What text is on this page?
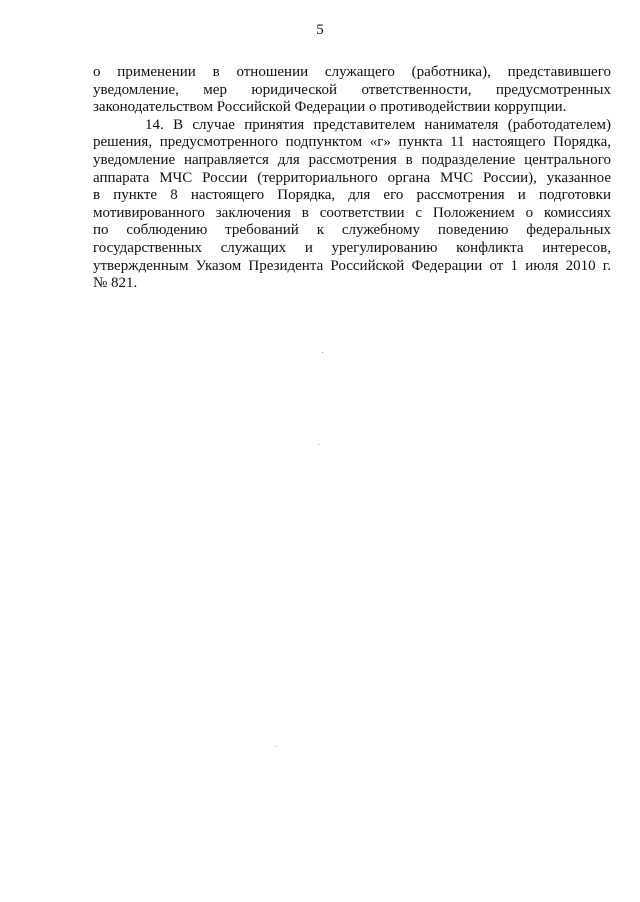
5
о применении в отношении служащего (работника), представившего
уведомление, мер юридической ответственности, предусмотренных
законодательством Российской Федерации о противодействии коррупции.
14. В случае принятия представителем нанимателя (работодателем)
решения, предусмотренного подпунктом «г» пункта 11 настоящего Порядка,
уведомление направляется для рассмотрения в подразделение центрального
аппарата МЧС России (территориального органа МЧС России), указанное
в пункте 8 настоящего Порядка, для его рассмотрения и подготовки
мотивированного заключения в соответствии с Положением о комиссиях
по соблюдению требований к служебному поведению федеральных
государственных служащих и урегулированию конфликта интересов,
утвержденным Указом Президента Российской Федерации от 1 июля 2010 г.
№ 821.
